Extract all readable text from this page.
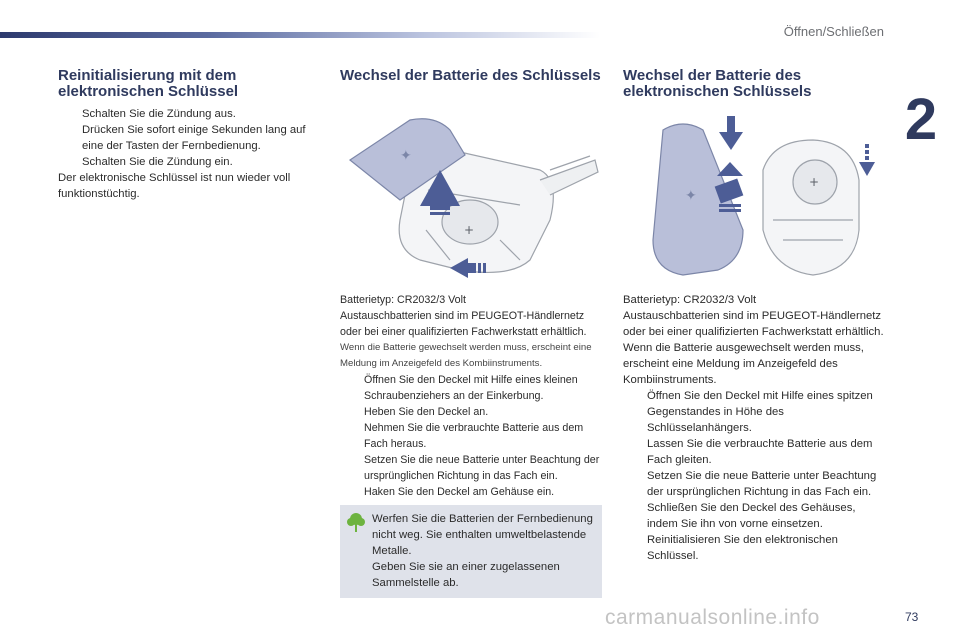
Öffnen/Schließen
2
Reinitialisierung mit dem elektronischen Schlüssel
Schalten Sie die Zündung aus.
Drücken Sie sofort einige Sekunden lang auf eine der Tasten der Fernbedienung.
Schalten Sie die Zündung ein.

Der elektronische Schlüssel ist nun wieder voll funktionstüchtig.

Wechsel der Batterie des Schlüssels
✦
+

Batterietyp: CR2032/3 Volt

Austauschbatterien sind im PEUGEOT-Händlernetz oder bei einer qualifizierten Fachwerkstatt erhältlich.

Wenn die Batterie gewechselt werden muss, erscheint eine Meldung im Anzeigefeld des Kombiinstruments.

Öffnen Sie den Deckel mit Hilfe eines kleinen Schraubenziehers an der Einkerbung.
Heben Sie den Deckel an.
Nehmen Sie die verbrauchte Batterie aus dem Fach heraus.
Setzen Sie die neue Batterie unter Beachtung der ursprünglichen Richtung in das Fach ein.
Haken Sie den Deckel am Gehäuse ein.

Werfen Sie die Batterien der Fernbedienung nicht weg. Sie enthalten umweltbelastende Metalle.

Geben Sie sie an einer zugelassenen Sammelstelle ab.

Wechsel der Batterie des elektronischen Schlüssels
✦
+

Batterietyp: CR2032/3 Volt

Austauschbatterien sind im PEUGEOT-Händlernetz oder bei einer qualifizierten Fachwerkstatt erhältlich.

Wenn die Batterie ausgewechselt werden muss, erscheint eine Meldung im Anzeigefeld des Kombiinstruments.

Öffnen Sie den Deckel mit Hilfe eines spitzen Gegenstandes in Höhe des Schlüsselanhängers.
Lassen Sie die verbrauchte Batterie aus dem Fach gleiten.
Setzen Sie die neue Batterie unter Beachtung der ursprünglichen Richtung in das Fach ein.
Schließen Sie den Deckel des Gehäuses, indem Sie ihn von vorne einsetzen.
Reinitialisieren Sie den elektronischen Schlüssel.
carmanualsonline.info	73
